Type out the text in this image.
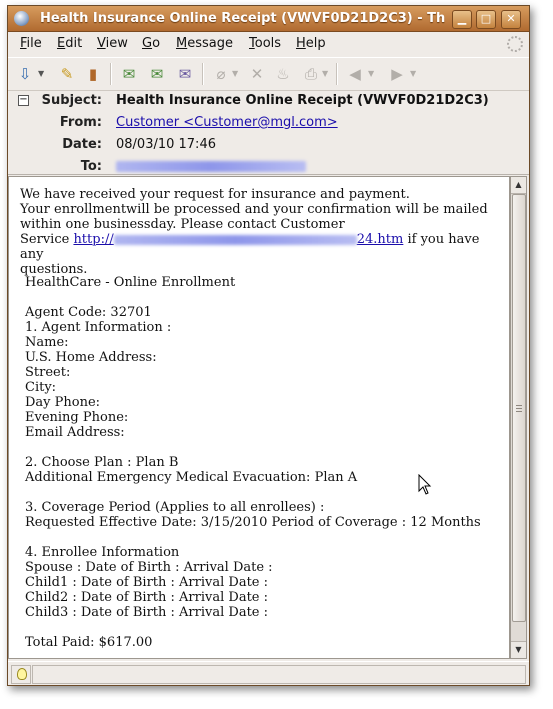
Health Insurance Online Receipt (VWVF0D21D2C3) - Th	▁	□	✕
File Edit View Go Message Tools Help
⇩ ▼ ✎	▮	✉ ✉ ✉ ⌀ ▼ ✕ ♨ ⎙ ▼ ◀ ▼ ▶ ▼
−	Subject: Health Insurance Online Receipt (VWVF0D21D2C3)
From: Customer <Customer@mgl.com>
Date: 08/03/10 17:46
To:
We have received your request for insurance and payment.
Your enrollmentwill be processed and your confirmation will be mailed
within one businessday. Please contact Customer
Service http://	24.htm if you have any
questions.
HealthCare - Online Enrollment

Agent Code: 32701
1. Agent Information :
Name:
U.S. Home Address:
Street:
City:
Day Phone:
Evening Phone:
Email Address:

2. Choose Plan : Plan B
Additional Emergency Medical Evacuation: Plan A

3. Coverage Period (Applies to all enrollees) :
Requested Effective Date: 3/15/2010 Period of Coverage : 12 Months

4. Enrollee Information
Spouse : Date of Birth : Arrival Date :
Child1 : Date of Birth : Arrival Date :
Child2 : Date of Birth : Arrival Date :
Child3 : Date of Birth : Arrival Date :

Total Paid: $617.00
▲
▼
